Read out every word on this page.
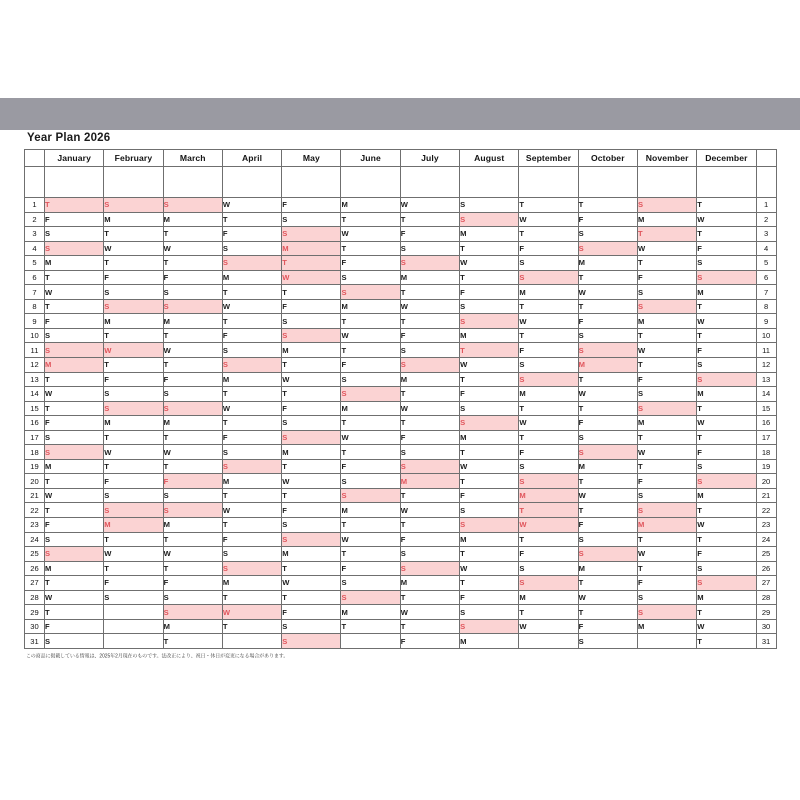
Year Plan 2026
	January	February	March	April	May	June	July	August	September	October	November	December	

1	T	S	S	W	F	M	W	S	T	T	S	T	1
2	F	M	M	T	S	T	T	S	W	F	M	W	2
3	S	T	T	F	S	W	F	M	T	S	T	T	3
4	S	W	W	S	M	T	S	T	F	S	W	F	4
5	M	T	T	S	T	F	S	W	S	M	T	S	5
6	T	F	F	M	W	S	M	T	S	T	F	S	6
7	W	S	S	T	T	S	T	F	M	W	S	M	7
8	T	S	S	W	F	M	W	S	T	T	S	T	8
9	F	M	M	T	S	T	T	S	W	F	M	W	9
10	S	T	T	F	S	W	F	M	T	S	T	T	10
11	S	W	W	S	M	T	S	T	F	S	W	F	11
12	M	T	T	S	T	F	S	W	S	M	T	S	12
13	T	F	F	M	W	S	M	T	S	T	F	S	13
14	W	S	S	T	T	S	T	F	M	W	S	M	14
15	T	S	S	W	F	M	W	S	T	T	S	T	15
16	F	M	M	T	S	T	T	S	W	F	M	W	16
17	S	T	T	F	S	W	F	M	T	S	T	T	17
18	S	W	W	S	M	T	S	T	F	S	W	F	18
19	M	T	T	S	T	F	S	W	S	M	T	S	19
20	T	F	F	M	W	S	M	T	S	T	F	S	20
21	W	S	S	T	T	S	T	F	M	W	S	M	21
22	T	S	S	W	F	M	W	S	T	T	S	T	22
23	F	M	M	T	S	T	T	S	W	F	M	W	23
24	S	T	T	F	S	W	F	M	T	S	T	T	24
25	S	W	W	S	M	T	S	T	F	S	W	F	25
26	M	T	T	S	T	F	S	W	S	M	T	S	26
27	T	F	F	M	W	S	M	T	S	T	F	S	27
28	W	S	S	T	T	S	T	F	M	W	S	M	28
29	T		S	W	F	M	W	S	T	T	S	T	29
30	F		M	T	S	T	T	S	W	F	M	W	30
31	S		T		S		F	M		S		T	31
この商品に掲載している情報は、2025年2月現在のものです。法改正により、祝日・休日が変更になる場合があります。
